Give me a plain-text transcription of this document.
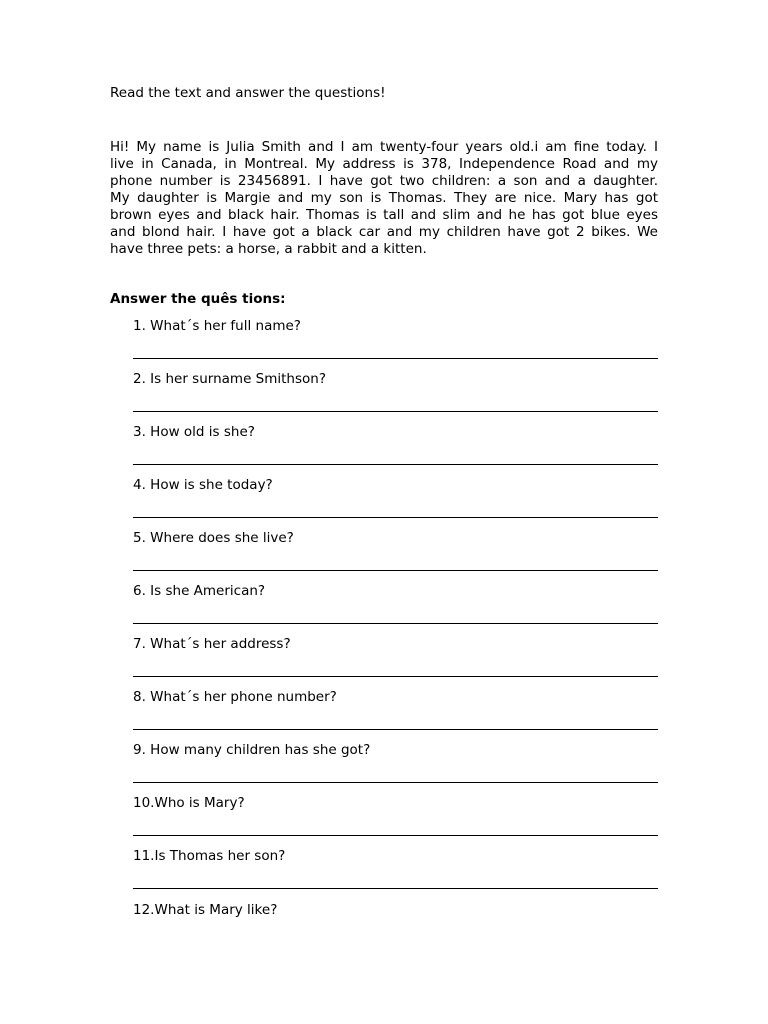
Read the text and answer the questions!
Hi! My name is Julia Smith and I am twenty-four years old.i am fine today. I
live in Canada, in Montreal. My address is 378, Independence Road and my
phone number is 23456891. I have got two children: a son and a daughter.
My daughter is Margie and my son is Thomas. They are nice. Mary has got
brown eyes and black hair. Thomas is tall and slim and he has got blue eyes
and blond hair. I have got a black car and my children have got 2 bikes. We
have three pets: a horse, a rabbit and a kitten.
Answer the quês tions:
1. What´s her full name?
2. Is her surname Smithson?
3. How old is she?
4. How is she today?
5. Where does she live?
6. Is she American?
7. What´s her address?
8. What´s her phone number?
9. How many children has she got?
10.Who is Mary?
11.Is Thomas her son?
12.What is Mary like?
